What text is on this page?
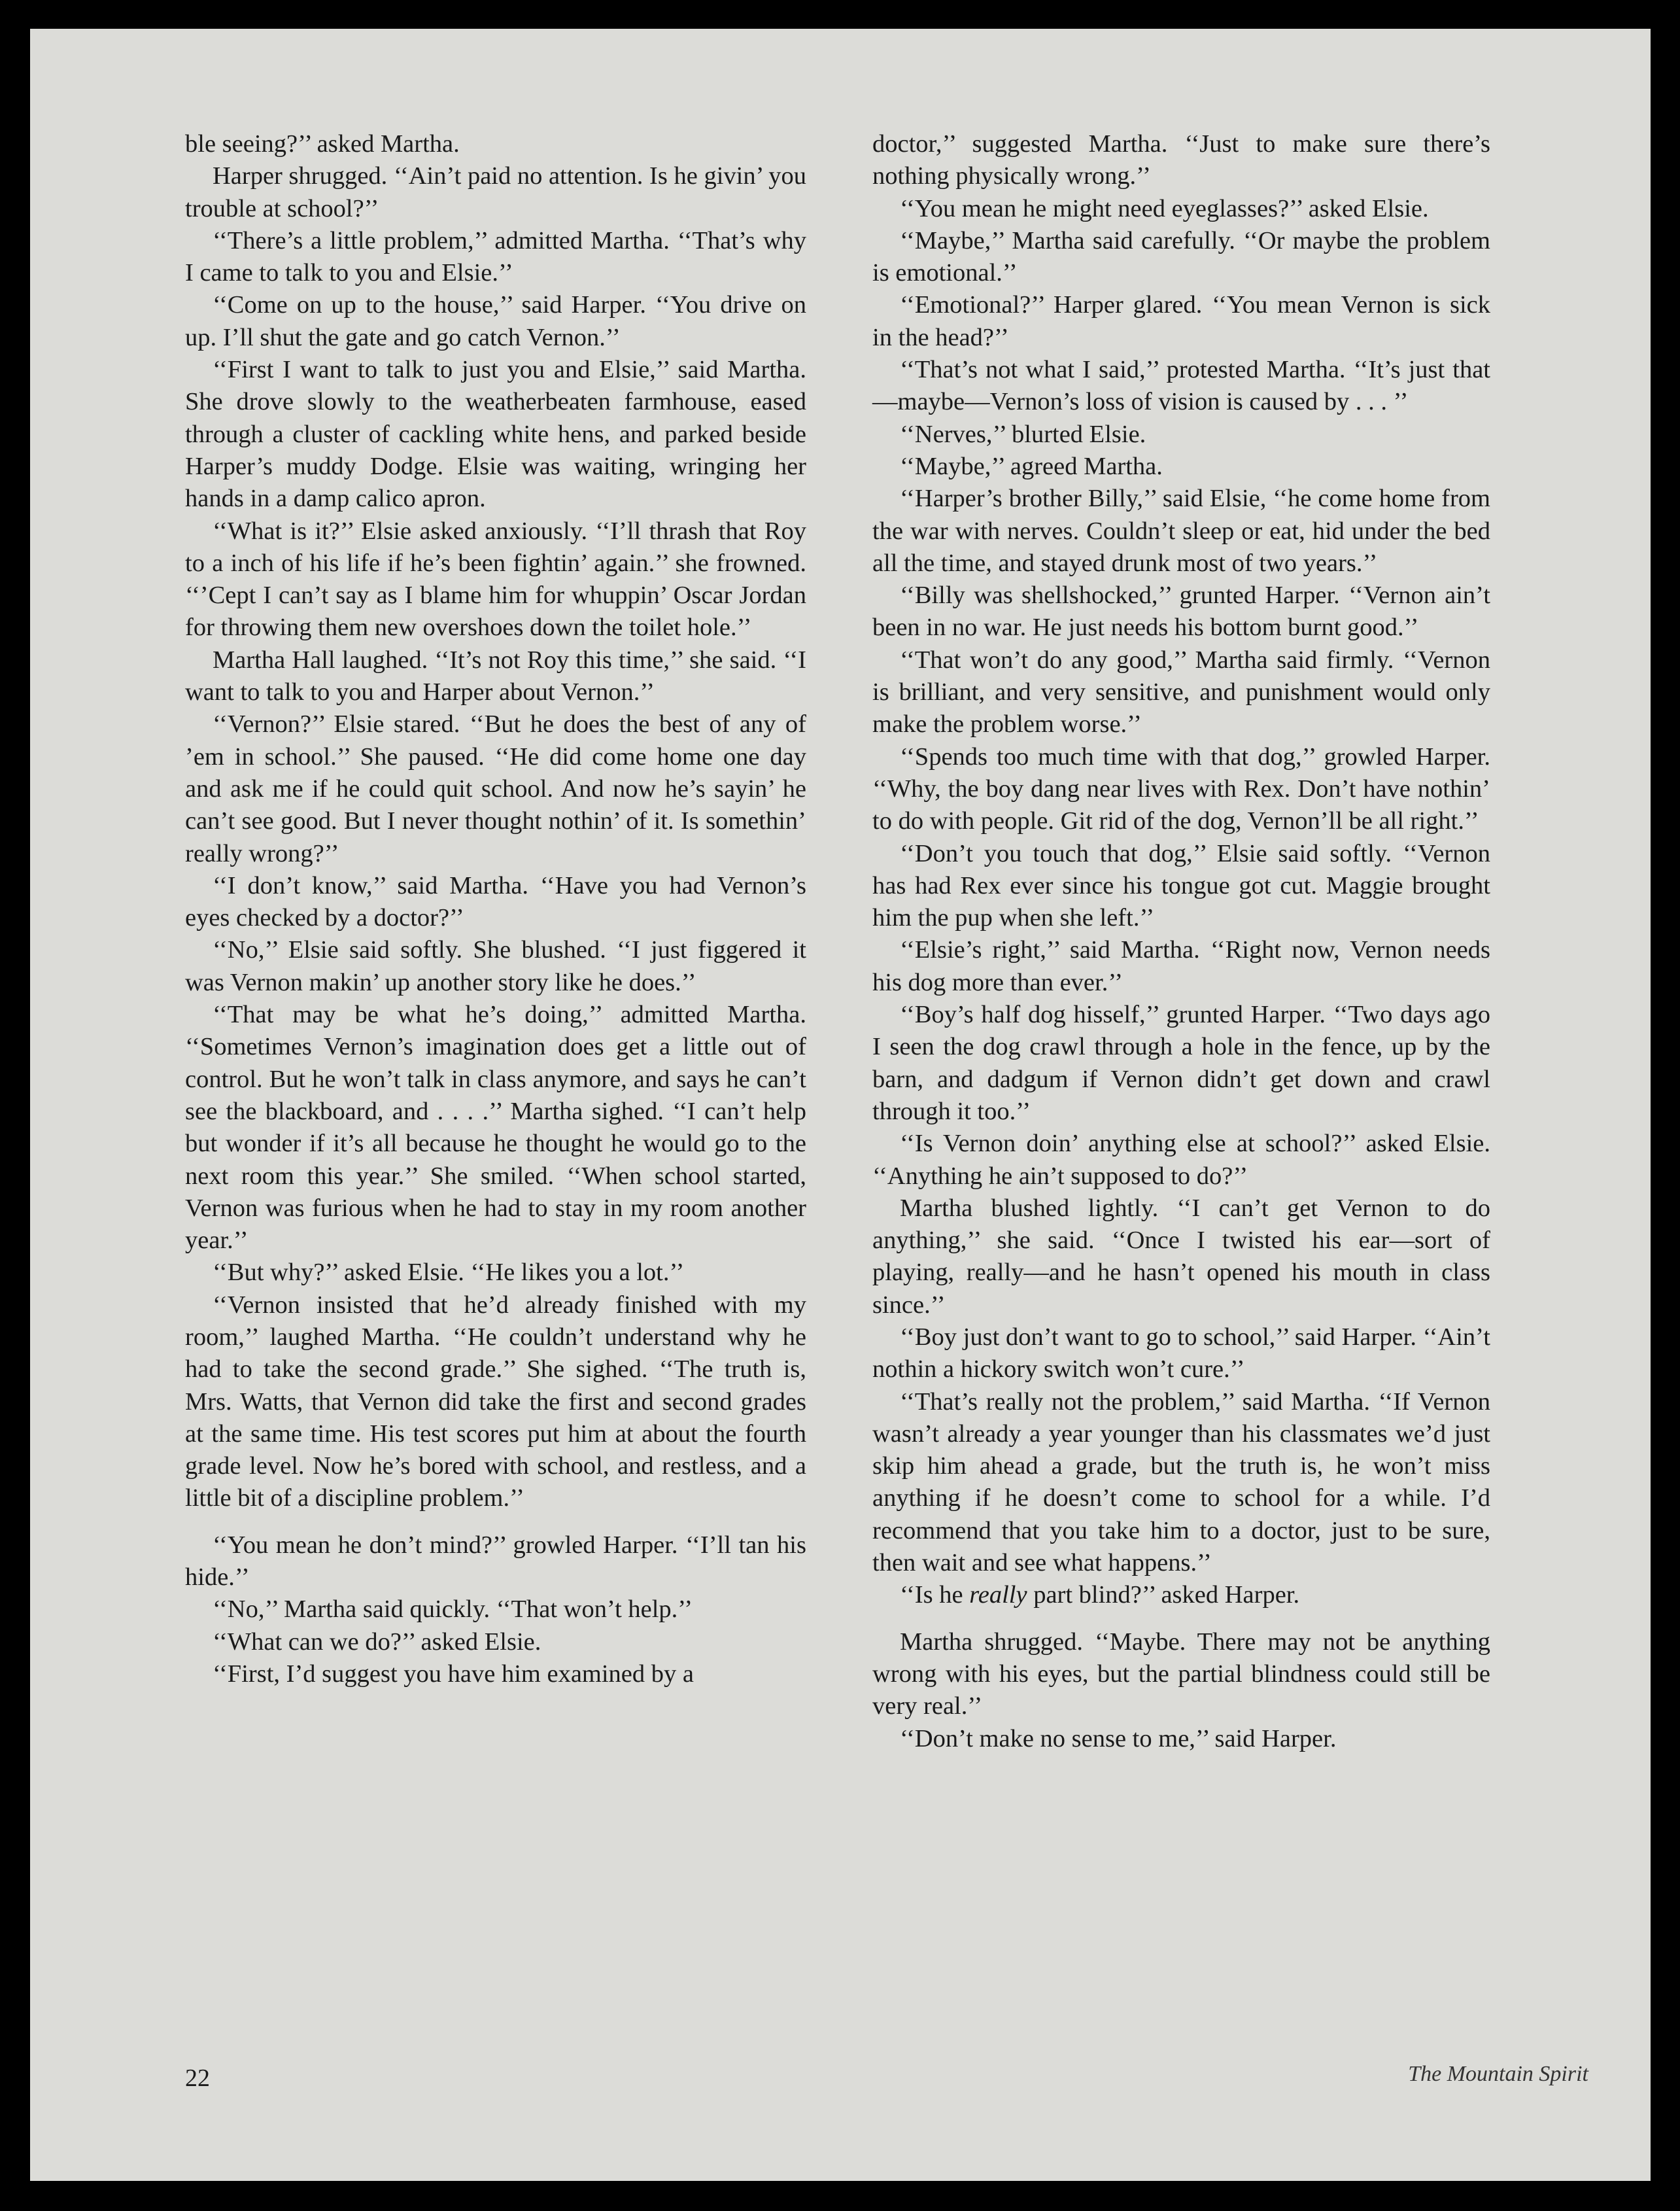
ble seeing?’’ asked Martha.

Harper shrugged. ‘‘Ain’t paid no attention. Is he givin’ you trouble at school?’’

‘‘There’s a little problem,’’ admitted Martha. ‘‘That’s why I came to talk to you and Elsie.’’

‘‘Come on up to the house,’’ said Harper. ‘‘You drive on up. I’ll shut the gate and go catch Vernon.’’

‘‘First I want to talk to just you and Elsie,’’ said Martha. She drove slowly to the weatherbeaten farmhouse, eased through a cluster of cackling white hens, and parked beside Harper’s muddy Dodge. Elsie was waiting, wringing her hands in a damp calico apron.

‘‘What is it?’’ Elsie asked anxiously. ‘‘I’ll thrash that Roy to a inch of his life if he’s been fightin’ again.’’ she frowned. ‘‘’Cept I can’t say as I blame him for whuppin’ Oscar Jordan for throwing them new overshoes down the toilet hole.’’

Martha Hall laughed. ‘‘It’s not Roy this time,’’ she said. ‘‘I want to talk to you and Harper about Vernon.’’

‘‘Vernon?’’ Elsie stared. ‘‘But he does the best of any of ’em in school.’’ She paused. ‘‘He did come home one day and ask me if he could quit school. And now he’s sayin’ he can’t see good. But I never thought nothin’ of it. Is somethin’ really wrong?’’

‘‘I don’t know,’’ said Martha. ‘‘Have you had Vernon’s eyes checked by a doctor?’’

‘‘No,’’ Elsie said softly. She blushed. ‘‘I just figgered it was Vernon makin’ up another story like he does.’’

‘‘That may be what he’s doing,’’ admitted Martha. ‘‘Sometimes Vernon’s imagination does get a little out of control. But he won’t talk in class anymore, and says he can’t see the blackboard, and . . . .’’ Martha sighed. ‘‘I can’t help but wonder if it’s all because he thought he would go to the next room this year.’’ She smiled. ‘‘When school started, Vernon was furious when he had to stay in my room another year.’’

‘‘But why?’’ asked Elsie. ‘‘He likes you a lot.’’

‘‘Vernon insisted that he’d already finished with my room,’’ laughed Martha. ‘‘He couldn’t understand why he had to take the second grade.’’ She sighed. ‘‘The truth is, Mrs. Watts, that Vernon did take the first and second grades at the same time. His test scores put him at about the fourth grade level. Now he’s bored with school, and restless, and a little bit of a discipline problem.’’

‘‘You mean he don’t mind?’’ growled Harper. ‘‘I’ll tan his hide.’’

‘‘No,’’ Martha said quickly. ‘‘That won’t help.’’

‘‘What can we do?’’ asked Elsie.

‘‘First, I’d suggest you have him examined by a

doctor,’’ suggested Martha. ‘‘Just to make sure there’s nothing physically wrong.’’

‘‘You mean he might need eyeglasses?’’ asked Elsie.

‘‘Maybe,’’ Martha said carefully. ‘‘Or maybe the problem is emotional.’’

‘‘Emotional?’’ Harper glared. ‘‘You mean Vernon is sick in the head?’’

‘‘That’s not what I said,’’ protested Martha. ‘‘It’s just that—maybe—Vernon’s loss of vision is caused by . . . ’’

‘‘Nerves,’’ blurted Elsie.

‘‘Maybe,’’ agreed Martha.

‘‘Harper’s brother Billy,’’ said Elsie, ‘‘he come home from the war with nerves. Couldn’t sleep or eat, hid under the bed all the time, and stayed drunk most of two years.’’

‘‘Billy was shellshocked,’’ grunted Harper. ‘‘Vernon ain’t been in no war. He just needs his bottom burnt good.’’

‘‘That won’t do any good,’’ Martha said firmly. ‘‘Vernon is brilliant, and very sensitive, and punishment would only make the problem worse.’’

‘‘Spends too much time with that dog,’’ growled Harper. ‘‘Why, the boy dang near lives with Rex. Don’t have nothin’ to do with people. Git rid of the dog, Vernon’ll be all right.’’

‘‘Don’t you touch that dog,’’ Elsie said softly. ‘‘Vernon has had Rex ever since his tongue got cut. Maggie brought him the pup when she left.’’

‘‘Elsie’s right,’’ said Martha. ‘‘Right now, Vernon needs his dog more than ever.’’

‘‘Boy’s half dog hisself,’’ grunted Harper. ‘‘Two days ago I seen the dog crawl through a hole in the fence, up by the barn, and dadgum if Vernon didn’t get down and crawl through it too.’’

‘‘Is Vernon doin’ anything else at school?’’ asked Elsie. ‘‘Anything he ain’t supposed to do?’’

Martha blushed lightly. ‘‘I can’t get Vernon to do anything,’’ she said. ‘‘Once I twisted his ear—sort of playing, really—and he hasn’t opened his mouth in class since.’’

‘‘Boy just don’t want to go to school,’’ said Harper. ‘‘Ain’t nothin a hickory switch won’t cure.’’

‘‘That’s really not the problem,’’ said Martha. ‘‘If Vernon wasn’t already a year younger than his classmates we’d just skip him ahead a grade, but the truth is, he won’t miss anything if he doesn’t come to school for a while. I’d recommend that you take him to a doctor, just to be sure, then wait and see what happens.’’

‘‘Is he really part blind?’’ asked Harper.

Martha shrugged. ‘‘Maybe. There may not be anything wrong with his eyes, but the partial blindness could still be very real.’’

‘‘Don’t make no sense to me,’’ said Harper.

22	The Mountain Spirit
